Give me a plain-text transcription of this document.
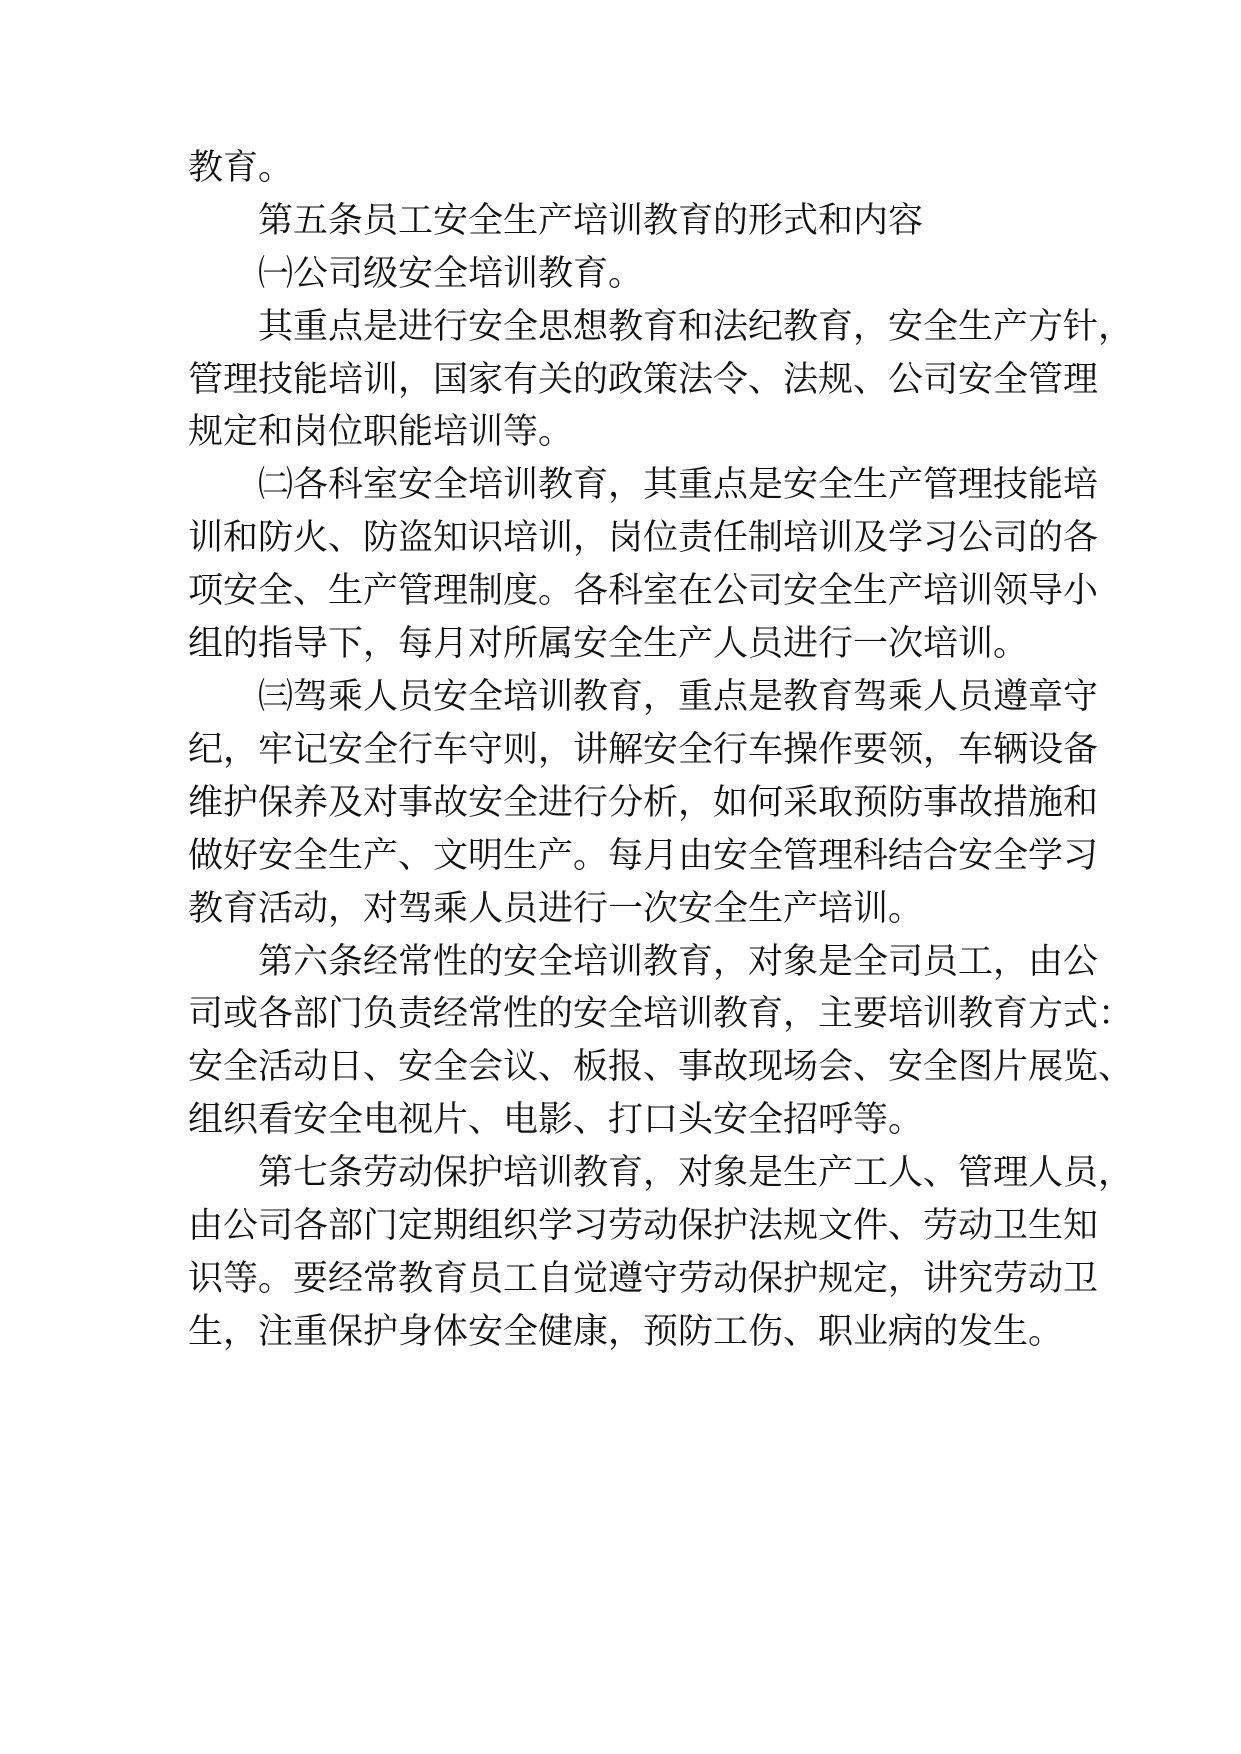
教育。
第五条员工安全生产培训教育的形式和内容
㈠公司级安全培训教育。
其重点是进行安全思想教育和法纪教育，安全生产方针，
管理技能培训，国家有关的政策法令、法规、公司安全管理
规定和岗位职能培训等。
㈡各科室安全培训教育，其重点是安全生产管理技能培
训和防火、防盗知识培训，岗位责任制培训及学习公司的各
项安全、生产管理制度。各科室在公司安全生产培训领导小
组的指导下，每月对所属安全生产人员进行一次培训。
㈢驾乘人员安全培训教育，重点是教育驾乘人员遵章守
纪，牢记安全行车守则，讲解安全行车操作要领，车辆设备
维护保养及对事故安全进行分析，如何采取预防事故措施和
做好安全生产、文明生产。每月由安全管理科结合安全学习
教育活动，对驾乘人员进行一次安全生产培训。
第六条经常性的安全培训教育，对象是全司员工，由公
司或各部门负责经常性的安全培训教育，主要培训教育方式：
安全活动日、安全会议、板报、事故现场会、安全图片展览、
组织看安全电视片、电影、打口头安全招呼等。
第七条劳动保护培训教育，对象是生产工人、管理人员，
由公司各部门定期组织学习劳动保护法规文件、劳动卫生知
识等。要经常教育员工自觉遵守劳动保护规定，讲究劳动卫
生，注重保护身体安全健康，预防工伤、职业病的发生。
